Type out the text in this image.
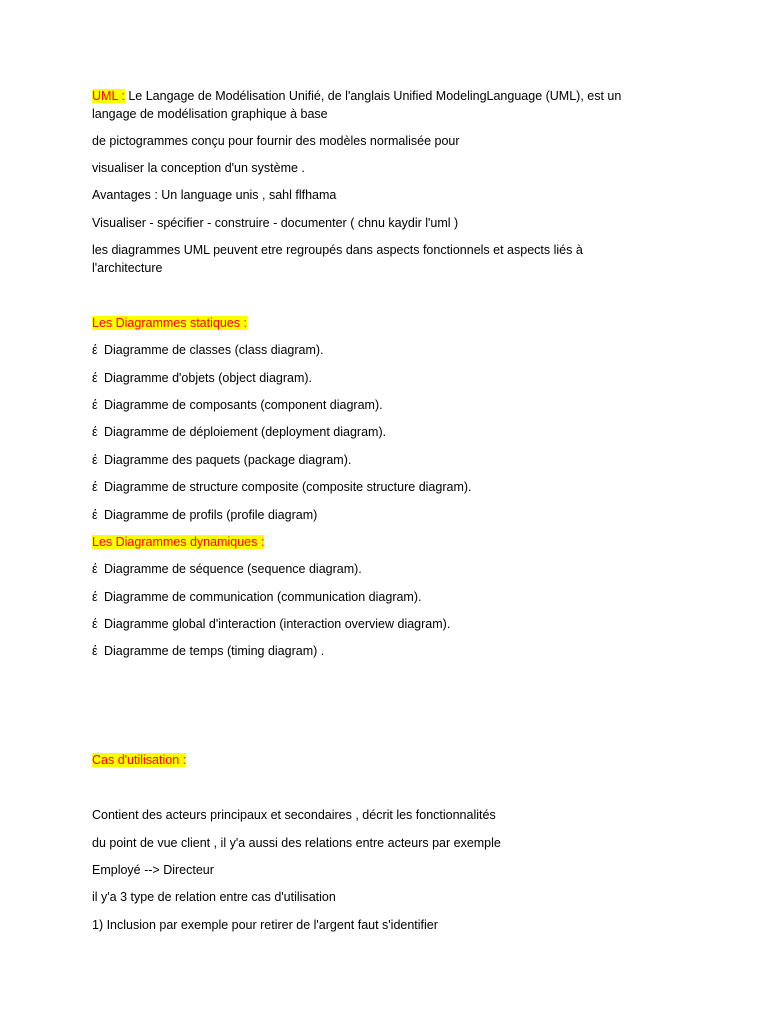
UML : Le Langage de Modélisation Unifié, de l'anglais Unified ModelingLanguage (UML), est un
langage de modélisation graphique à base
de pictogrammes conçu pour fournir des modèles normalisée pour
visualiser la conception d'un système .
Avantages : Un language unis , sahl flfhama
Visualiser - spécifier - construire - documenter ( chnu kaydir l'uml )
les diagrammes UML peuvent etre regroupés dans aspects fonctionnels et aspects liés à
l'architecture
Les Diagrammes statiques :
έ Diagramme de classes (class diagram).
έ Diagramme d'objets (object diagram).
έ Diagramme de composants (component diagram).
έ Diagramme de déploiement (deployment diagram).
έ Diagramme des paquets (package diagram).
έ Diagramme de structure composite (composite structure diagram).
έ Diagramme de profils (profile diagram)
Les Diagrammes dynamiques :
έ Diagramme de séquence (sequence diagram).
έ Diagramme de communication (communication diagram).
έ Diagramme global d'interaction (interaction overview diagram).
έ Diagramme de temps (timing diagram) .
Cas d'utilisation :
Contient des acteurs principaux et secondaires , décrit les fonctionnalités
du point de vue client , il y'a aussi des relations entre acteurs par exemple
Employé --> Directeur
il y'a 3 type de relation entre cas d'utilisation
1) Inclusion par exemple pour retirer de l'argent faut s'identifier
